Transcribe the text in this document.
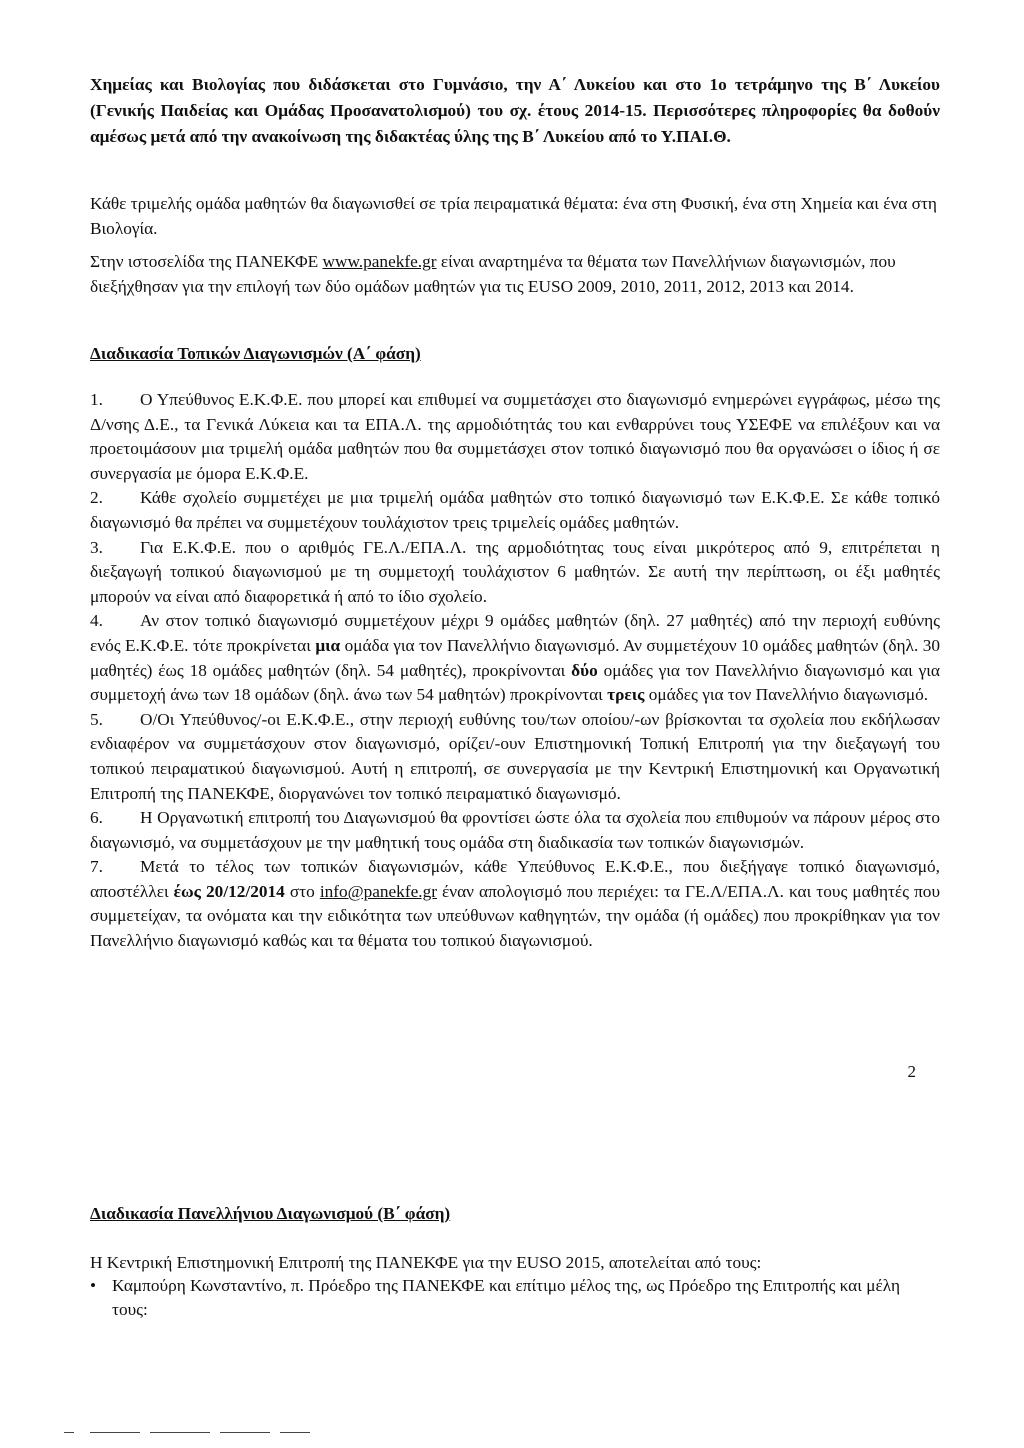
Χημείας και Βιολογίας που διδάσκεται στο Γυμνάσιο, την Α΄ Λυκείου και στο 1ο τετράμηνο της Β΄ Λυκείου (Γενικής Παιδείας και Ομάδας Προσανατολισμού) του σχ. έτους 2014-15. Περισσότερες πληροφορίες θα δοθούν αμέσως μετά από την ανακοίνωση της διδακτέας ύλης της Β΄ Λυκείου από το Υ.ΠΑΙ.Θ.

Κάθε τριμελής ομάδα μαθητών θα διαγωνισθεί σε τρία πειραματικά θέματα: ένα στη Φυσική, ένα στη Χημεία και ένα στη Βιολογία.

Στην ιστοσελίδα της ΠΑΝΕΚΦΕ www.panekfe.gr είναι αναρτημένα τα θέματα των Πανελλήνιων διαγωνισμών, που διεξήχθησαν για την επιλογή των δύο ομάδων μαθητών για τις EUSO 2009, 2010, 2011, 2012, 2013 και 2014.

Διαδικασία Τοπικών Διαγωνισμών (Α΄ φάση)

1. Ο Υπεύθυνος Ε.Κ.Φ.Ε. που μπορεί και επιθυμεί να συμμετάσχει στο διαγωνισμό ενημερώνει εγγράφως, μέσω της Δ/νσης Δ.Ε., τα Γενικά Λύκεια και τα ΕΠΑ.Λ. της αρμοδιότητάς του και ενθαρρύνει τους ΥΣΕΦΕ να επιλέξουν και να προετοιμάσουν μια τριμελή ομάδα μαθητών που θα συμμετάσχει στον τοπικό διαγωνισμό που θα οργανώσει ο ίδιος ή σε συνεργασία με όμορα Ε.Κ.Φ.Ε.

2. Κάθε σχολείο συμμετέχει με μια τριμελή ομάδα μαθητών στο τοπικό διαγωνισμό των Ε.Κ.Φ.Ε. Σε κάθε τοπικό διαγωνισμό θα πρέπει να συμμετέχουν τουλάχιστον τρεις τριμελείς ομάδες μαθητών.

3. Για Ε.Κ.Φ.Ε. που ο αριθμός ΓΕ.Λ./ΕΠΑ.Λ. της αρμοδιότητας τους είναι μικρότερος από 9, επιτρέπεται η διεξαγωγή τοπικού διαγωνισμού με τη συμμετοχή τουλάχιστον 6 μαθητών. Σε αυτή την περίπτωση, οι έξι μαθητές μπορούν να είναι από διαφορετικά ή από το ίδιο σχολείο.

4. Αν στον τοπικό διαγωνισμό συμμετέχουν μέχρι 9 ομάδες μαθητών (δηλ. 27 μαθητές) από την περιοχή ευθύνης ενός Ε.Κ.Φ.Ε. τότε προκρίνεται μια ομάδα για τον Πανελλήνιο διαγωνισμό. Αν συμμετέχουν 10 ομάδες μαθητών (δηλ. 30 μαθητές) έως 18 ομάδες μαθητών (δηλ. 54 μαθητές), προκρίνονται δύο ομάδες για τον Πανελλήνιο διαγωνισμό και για συμμετοχή άνω των 18 ομάδων (δηλ. άνω των 54 μαθητών) προκρίνονται τρεις ομάδες για τον Πανελλήνιο διαγωνισμό.

5. Ο/Οι Υπεύθυνος/-οι Ε.Κ.Φ.Ε., στην περιοχή ευθύνης του/των οποίου/-ων βρίσκονται τα σχολεία που εκδήλωσαν ενδιαφέρον να συμμετάσχουν στον διαγωνισμό, ορίζει/-ουν Επιστημονική Τοπική Επιτροπή για την διεξαγωγή του τοπικού πειραματικού διαγωνισμού. Αυτή η επιτροπή, σε συνεργασία με την Κεντρική Επιστημονική και Οργανωτική Επιτροπή της ΠΑΝΕΚΦΕ, διοργανώνει τον τοπικό πειραματικό διαγωνισμό.

6. Η Οργανωτική επιτροπή του Διαγωνισμού θα φροντίσει ώστε όλα τα σχολεία που επιθυμούν να πάρουν μέρος στο διαγωνισμό, να συμμετάσχουν με την μαθητική τους ομάδα στη διαδικασία των τοπικών διαγωνισμών.

7. Μετά το τέλος των τοπικών διαγωνισμών, κάθε Υπεύθυνος Ε.Κ.Φ.Ε., που διεξήγαγε τοπικό διαγωνισμό, αποστέλλει έως 20/12/2014 στο info@panekfe.gr έναν απολογισμό που περιέχει: τα ΓΕ.Λ/ΕΠΑ.Λ. και τους μαθητές που συμμετείχαν, τα ονόματα και την ειδικότητα των υπεύθυνων καθηγητών, την ομάδα (ή ομάδες) που προκρίθηκαν για τον Πανελλήνιο διαγωνισμό καθώς και τα θέματα του τοπικού διαγωνισμού.

Διαδικασία Πανελλήνιου Διαγωνισμού (Β΄ φάση)

Η Κεντρική Επιστημονική Επιτροπή της ΠΑΝΕΚΦΕ για την EUSO 2015, αποτελείται από τους:

• Καμπούρη Κωνσταντίνο, π. Πρόεδρο της ΠΑΝΕΚΦΕ και επίτιμο μέλος της, ως Πρόεδρο της Επιτροπής και μέλη τους:
2
